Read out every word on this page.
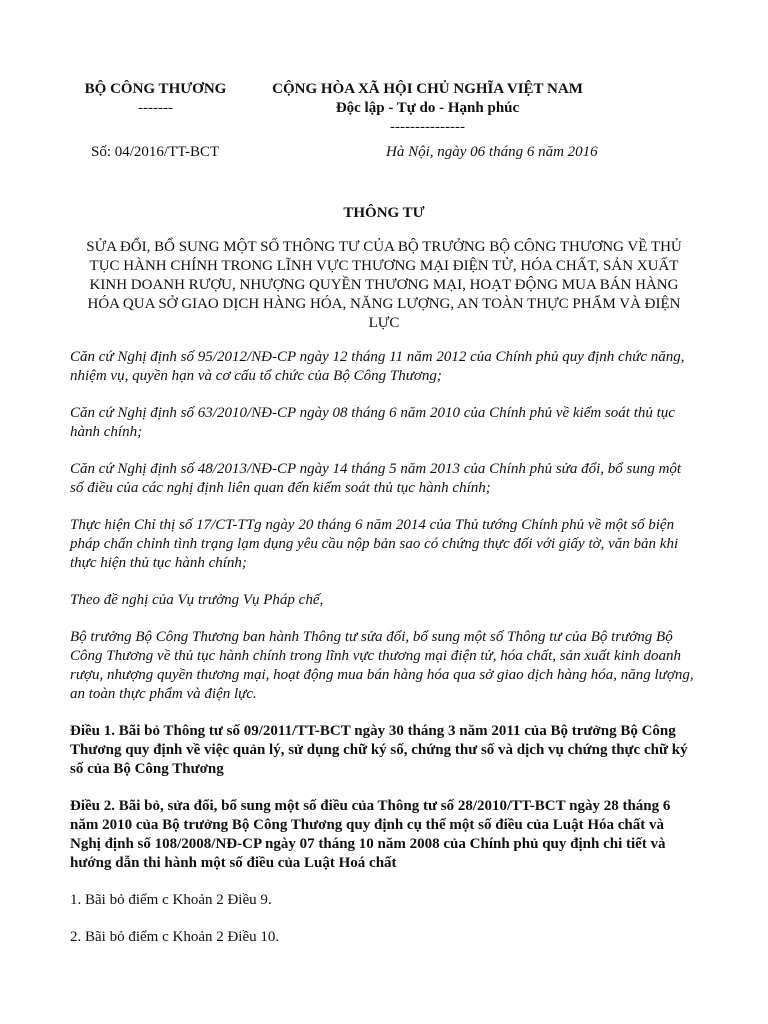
BỘ CÔNG THƯƠNG
-------
CỘNG HÒA XÃ HỘI CHỦ NGHĨA VIỆT NAM
Độc lập - Tự do - Hạnh phúc
---------------
Số: 04/2016/TT-BCT	Hà Nội, ngày 06 tháng 6 năm 2016
THÔNG TƯ
SỬA ĐỔI, BỔ SUNG MỘT SỐ THÔNG TƯ CỦA BỘ TRƯỞNG BỘ CÔNG THƯƠNG VỀ THỦ TỤC HÀNH CHÍNH TRONG LĨNH VỰC THƯƠNG MẠI ĐIỆN TỬ, HÓA CHẤT, SẢN XUẤT KINH DOANH RƯỢU, NHƯỢNG QUYỀN THƯƠNG MẠI, HOẠT ĐỘNG MUA BÁN HÀNG HÓA QUA SỞ GIAO DỊCH HÀNG HÓA, NĂNG LƯỢNG, AN TOÀN THỰC PHẨM VÀ ĐIỆN LỰC

Căn cứ Nghị định số 95/2012/NĐ-CP ngày 12 tháng 11 năm 2012 của Chính phủ quy định chức năng, nhiệm vụ, quyền hạn và cơ cấu tổ chức của Bộ Công Thương;

Căn cứ Nghị định số 63/2010/NĐ-CP ngày 08 tháng 6 năm 2010 của Chính phủ về kiểm soát thủ tục hành chính;

Căn cứ Nghị định số 48/2013/NĐ-CP ngày 14 tháng 5 năm 2013 của Chính phủ sửa đổi, bổ sung một số điều của các nghị định liên quan đến kiểm soát thủ tục hành chính;

Thực hiện Chỉ thị số 17/CT-TTg ngày 20 tháng 6 năm 2014 của Thủ tướng Chính phủ về một số biện pháp chấn chỉnh tình trạng lạm dụng yêu cầu nộp bản sao có chứng thực đối với giấy tờ, văn bản khi thực hiện thủ tục hành chính;

Theo đề nghị của Vụ trưởng Vụ Pháp chế,

Bộ trưởng Bộ Công Thương ban hành Thông tư sửa đổi, bổ sung một số Thông tư của Bộ trưởng Bộ Công Thương về thủ tục hành chính trong lĩnh vực thương mại điện tử, hóa chất, sản xuất kinh doanh rượu, nhượng quyền thương mại, hoạt động mua bán hàng hóa qua sở giao dịch hàng hóa, năng lượng, an toàn thực phẩm và điện lực.

Điều 1. Bãi bỏ Thông tư số 09/2011/TT-BCT ngày 30 tháng 3 năm 2011 của Bộ trưởng Bộ Công Thương quy định về việc quản lý, sử dụng chữ ký số, chứng thư số và dịch vụ chứng thực chữ ký số của Bộ Công Thương

Điều 2. Bãi bỏ, sửa đổi, bổ sung một số điều của Thông tư số 28/2010/TT-BCT ngày 28 tháng 6 năm 2010 của Bộ trưởng Bộ Công Thương quy định cụ thể một số điều của Luật Hóa chất và Nghị định số 108/2008/NĐ-CP ngày 07 tháng 10 năm 2008 của Chính phủ quy định chi tiết và hướng dẫn thi hành một số điều của Luật Hoá chất

1. Bãi bỏ điểm c Khoản 2 Điều 9.

2. Bãi bỏ điểm c Khoản 2 Điều 10.
